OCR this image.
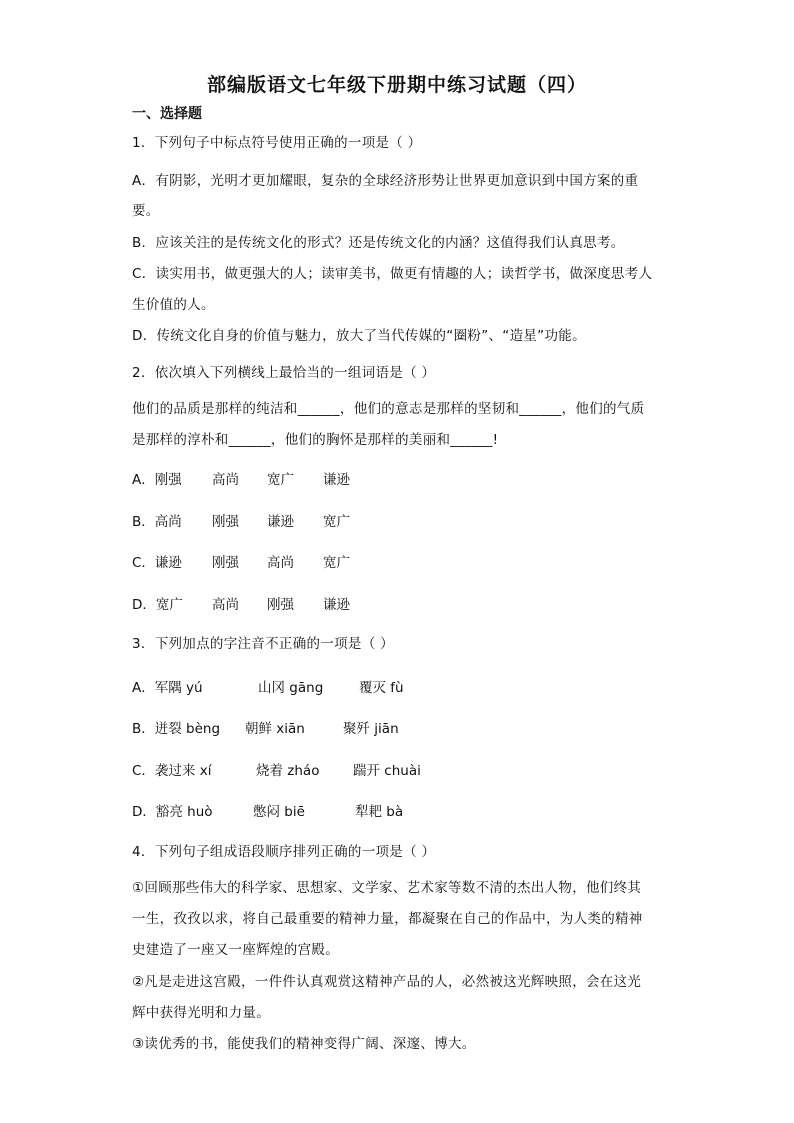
部编版语文七年级下册期中练习试题（四）
一、选择题
1．下列句子中标点符号使用正确的一项是（ ）
A．有阴影，光明才更加耀眼，复杂的全球经济形势让世界更加意识到中国方案的重
要。
B．应该关注的是传统文化的形式？还是传统文化的内涵？这值得我们认真思考。
C．读实用书，做更强大的人；读审美书，做更有情趣的人；读哲学书，做深度思考人
生价值的人。
D．传统文化自身的价值与魅力，放大了当代传媒的“圈粉”、“造星”功能。
2．依次填入下列横线上最恰当的一组词语是（ ）
他们的品质是那样的纯洁和______，他们的意志是那样的坚韧和______，他们的气质
是那样的淳朴和______，他们的胸怀是那样的美丽和______!
A．刚强 高尚 宽广 谦逊
B．高尚 刚强 谦逊 宽广
C．谦逊 刚强 高尚 宽广
D．宽广 高尚 刚强 谦逊
3．下列加点的字注音不正确的一项是（ ）
A．军隅 yú	山冈 gāng	覆灭 fù
B．迸裂 bèng 朝鲜 xiān	聚歼 jiān
C．袭过来 xí	烧着 zháo 踹开 chuài
D．豁亮 huò	憋闷 biē	犁耙 bà
4．下列句子组成语段顺序排列正确的一项是（ ）
①回顾那些伟大的科学家、思想家、文学家、艺术家等数不清的杰出人物，他们终其
一生，孜孜以求，将自己最重要的精神力量，都凝聚在自己的作品中，为人类的精神
史建造了一座又一座辉煌的宫殿。
②凡是走进这宫殿，一件件认真观赏这精神产品的人，必然被这光辉映照，会在这光
辉中获得光明和力量。
③读优秀的书，能使我们的精神变得广阔、深邃、博大。
